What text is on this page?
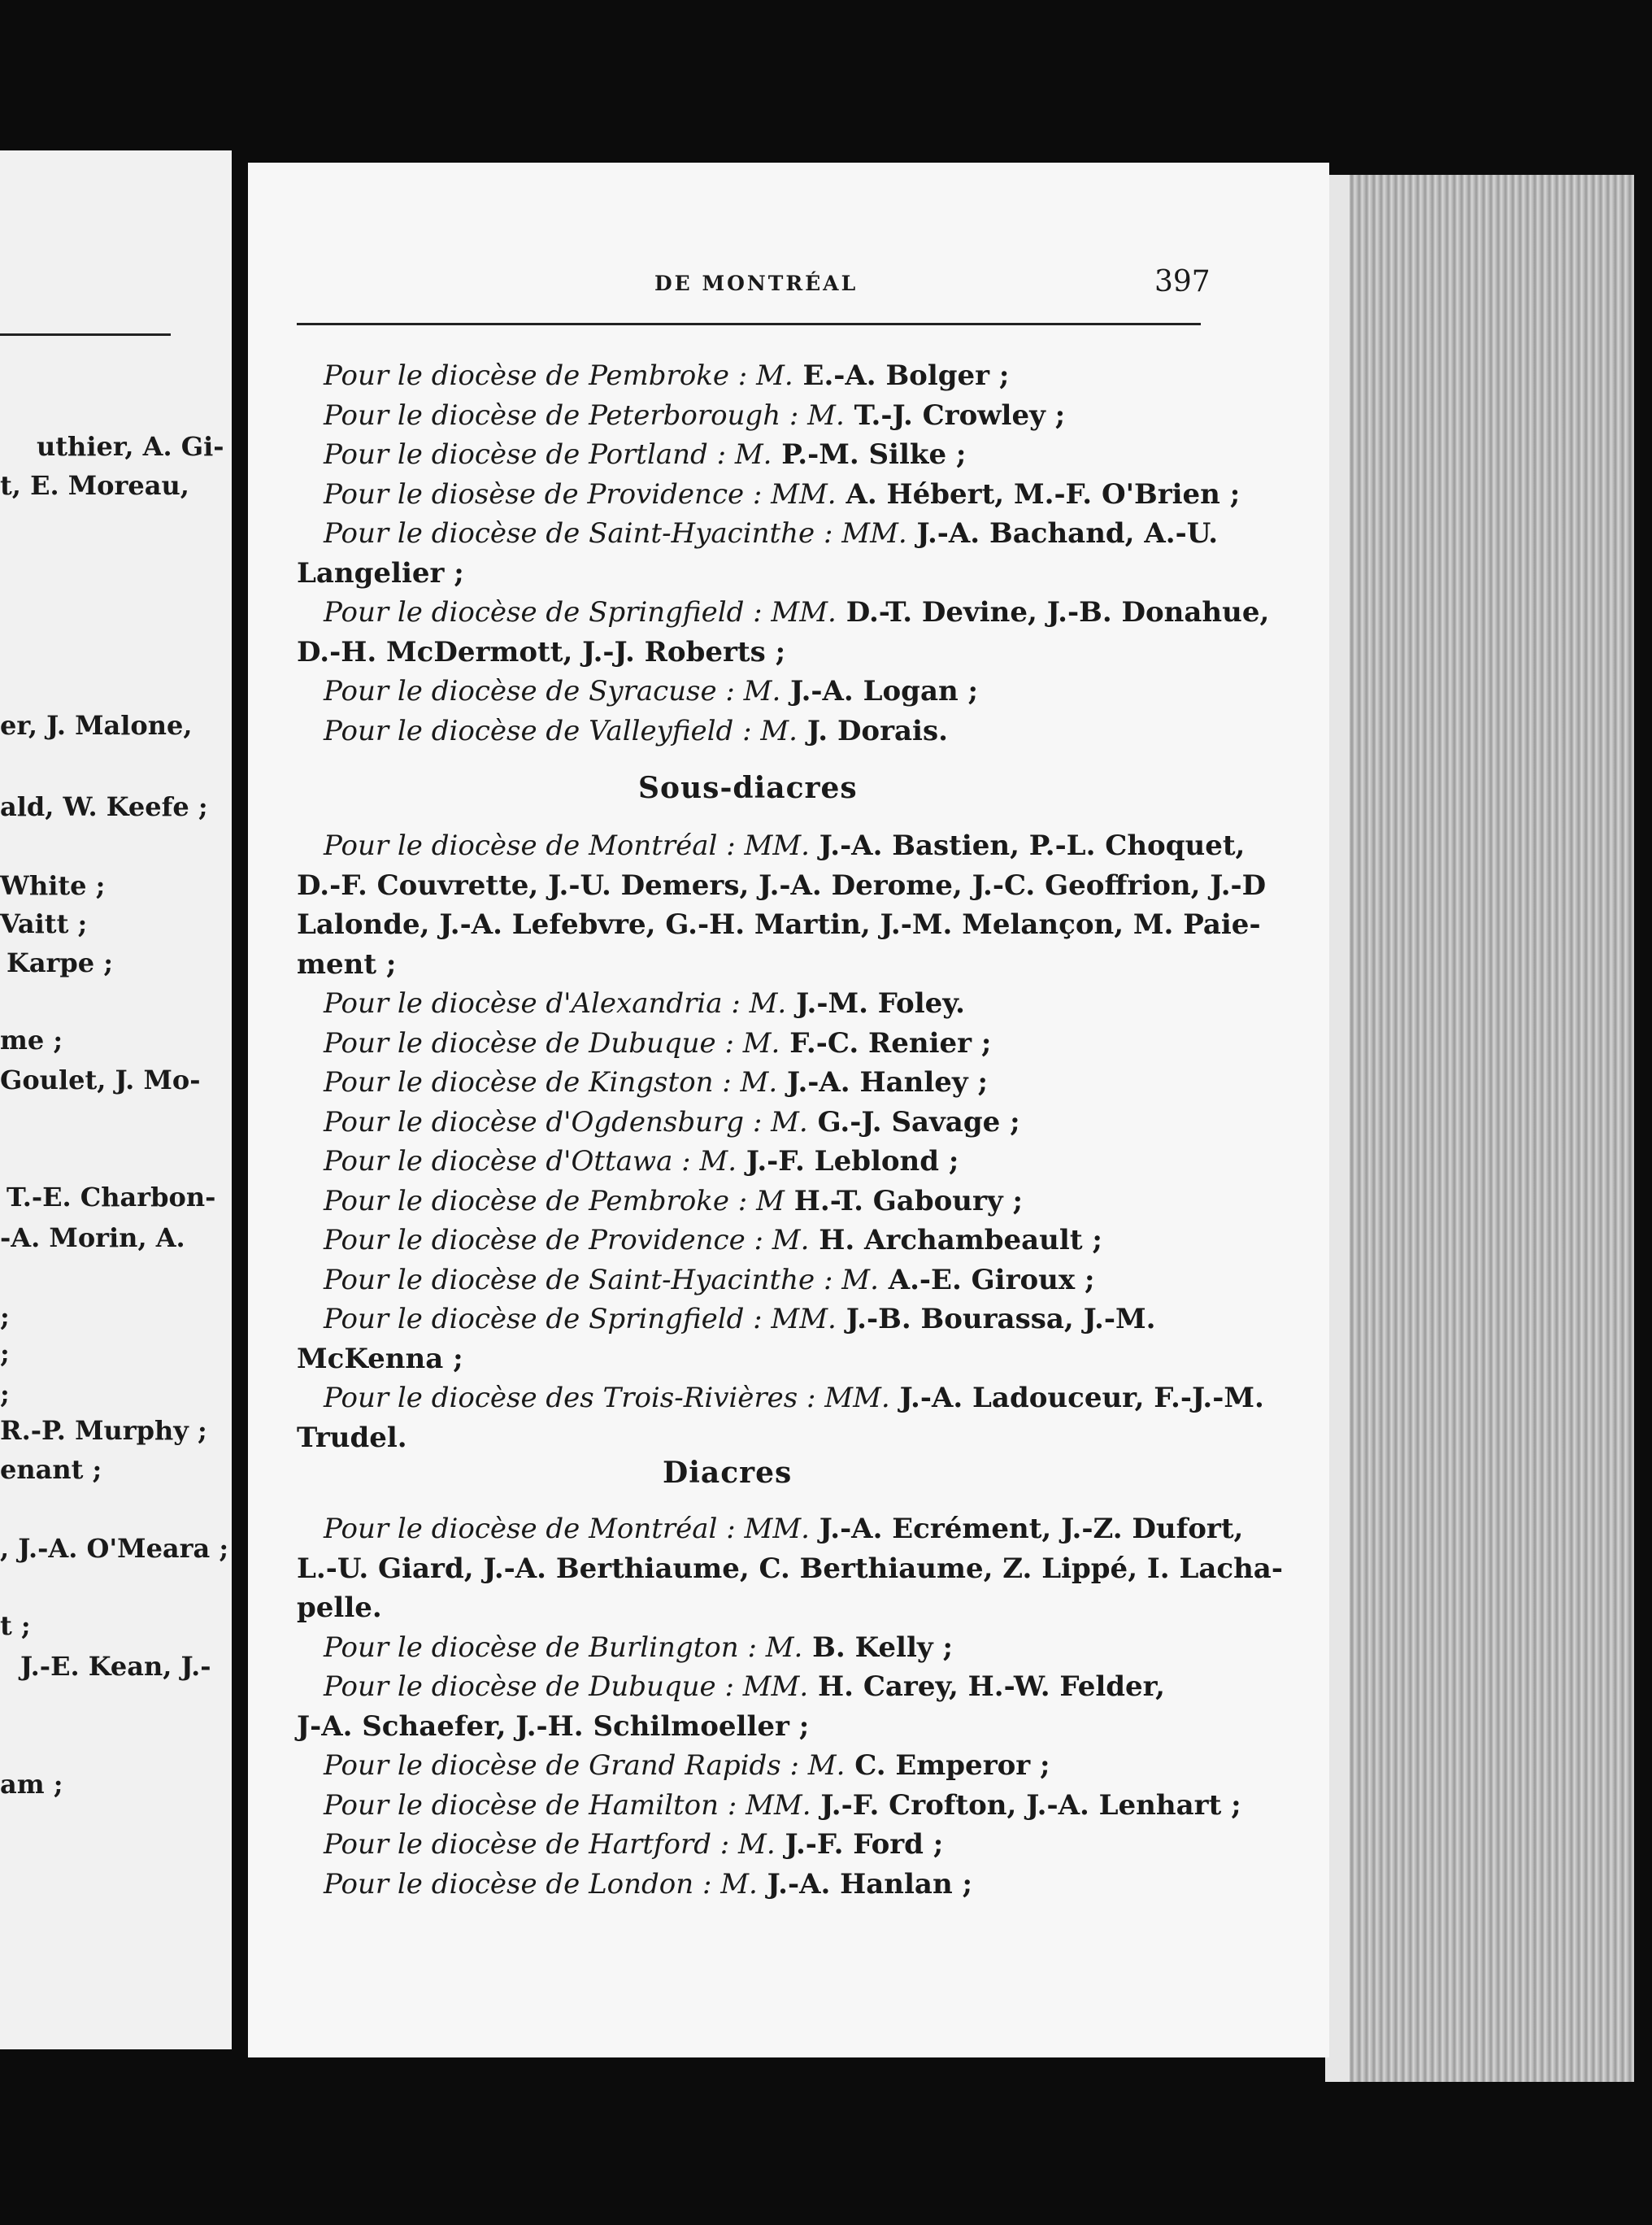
uthier, A. Gi-
t, E. Moreau,
er, J. Malone,
ald, W. Keefe ;
White ;
Vaitt ;
Karpe ;
me ;
Goulet, J. Mo-
T.-E. Charbon-
-A. Morin, A.
;
;
;
R.-P. Murphy ;
enant ;
, J.-A. O'Meara ;
t ;
J.-E. Kean, J.-
am ;
DE MONTRÉAL	397
Pour le diocèse de Pembroke : M. E.-A. Bolger ;
Pour le diocèse de Peterborough : M. T.-J. Crowley ;
Pour le diocèse de Portland : M. P.-M. Silke ;
Pour le diosèse de Providence : MM. A. Hébert, M.-F. O'Brien ;
Pour le diocèse de Saint-Hyacinthe : MM. J.-A. Bachand, A.-U.
Langelier ;
Pour le diocèse de Springfield : MM. D.-T. Devine, J.-B. Donahue,
D.-H. McDermott, J.-J. Roberts ;
Pour le diocèse de Syracuse : M. J.-A. Logan ;
Pour le diocèse de Valleyfield : M. J. Dorais.
Sous-diacres
Pour le diocèse de Montréal : MM. J.-A. Bastien, P.-L. Choquet,
D.-F. Couvrette, J.-U. Demers, J.-A. Derome, J.-C. Geoffrion, J.-D
Lalonde, J.-A. Lefebvre, G.-H. Martin, J.-M. Melançon, M. Paie-
ment ;
Pour le diocèse d'Alexandria : M. J.-M. Foley.
Pour le diocèse de Dubuque : M. F.-C. Renier ;
Pour le diocèse de Kingston : M. J.-A. Hanley ;
Pour le diocèse d'Ogdensburg : M. G.-J. Savage ;
Pour le diocèse d'Ottawa : M. J.-F. Leblond ;
Pour le diocèse de Pembroke : M H.-T. Gaboury ;
Pour le diocèse de Providence : M. H. Archambeault ;
Pour le diocèse de Saint-Hyacinthe : M. A.-E. Giroux ;
Pour le diocèse de Springfield : MM. J.-B. Bourassa, J.-M.
McKenna ;
Pour le diocèse des Trois-Rivières : MM. J.-A. Ladouceur, F.-J.-M.
Trudel.
Diacres
Pour le diocèse de Montréal : MM. J.-A. Ecrément, J.-Z. Dufort,
L.-U. Giard, J.-A. Berthiaume, C. Berthiaume, Z. Lippé, I. Lacha-
pelle.
Pour le diocèse de Burlington : M. B. Kelly ;
Pour le diocèse de Dubuque : MM. H. Carey, H.-W. Felder,
J-A. Schaefer, J.-H. Schilmoeller ;
Pour le diocèse de Grand Rapids : M. C. Emperor ;
Pour le diocèse de Hamilton : MM. J.-F. Crofton, J.-A. Lenhart ;
Pour le diocèse de Hartford : M. J.-F. Ford ;
Pour le diocèse de London : M. J.-A. Hanlan ;
